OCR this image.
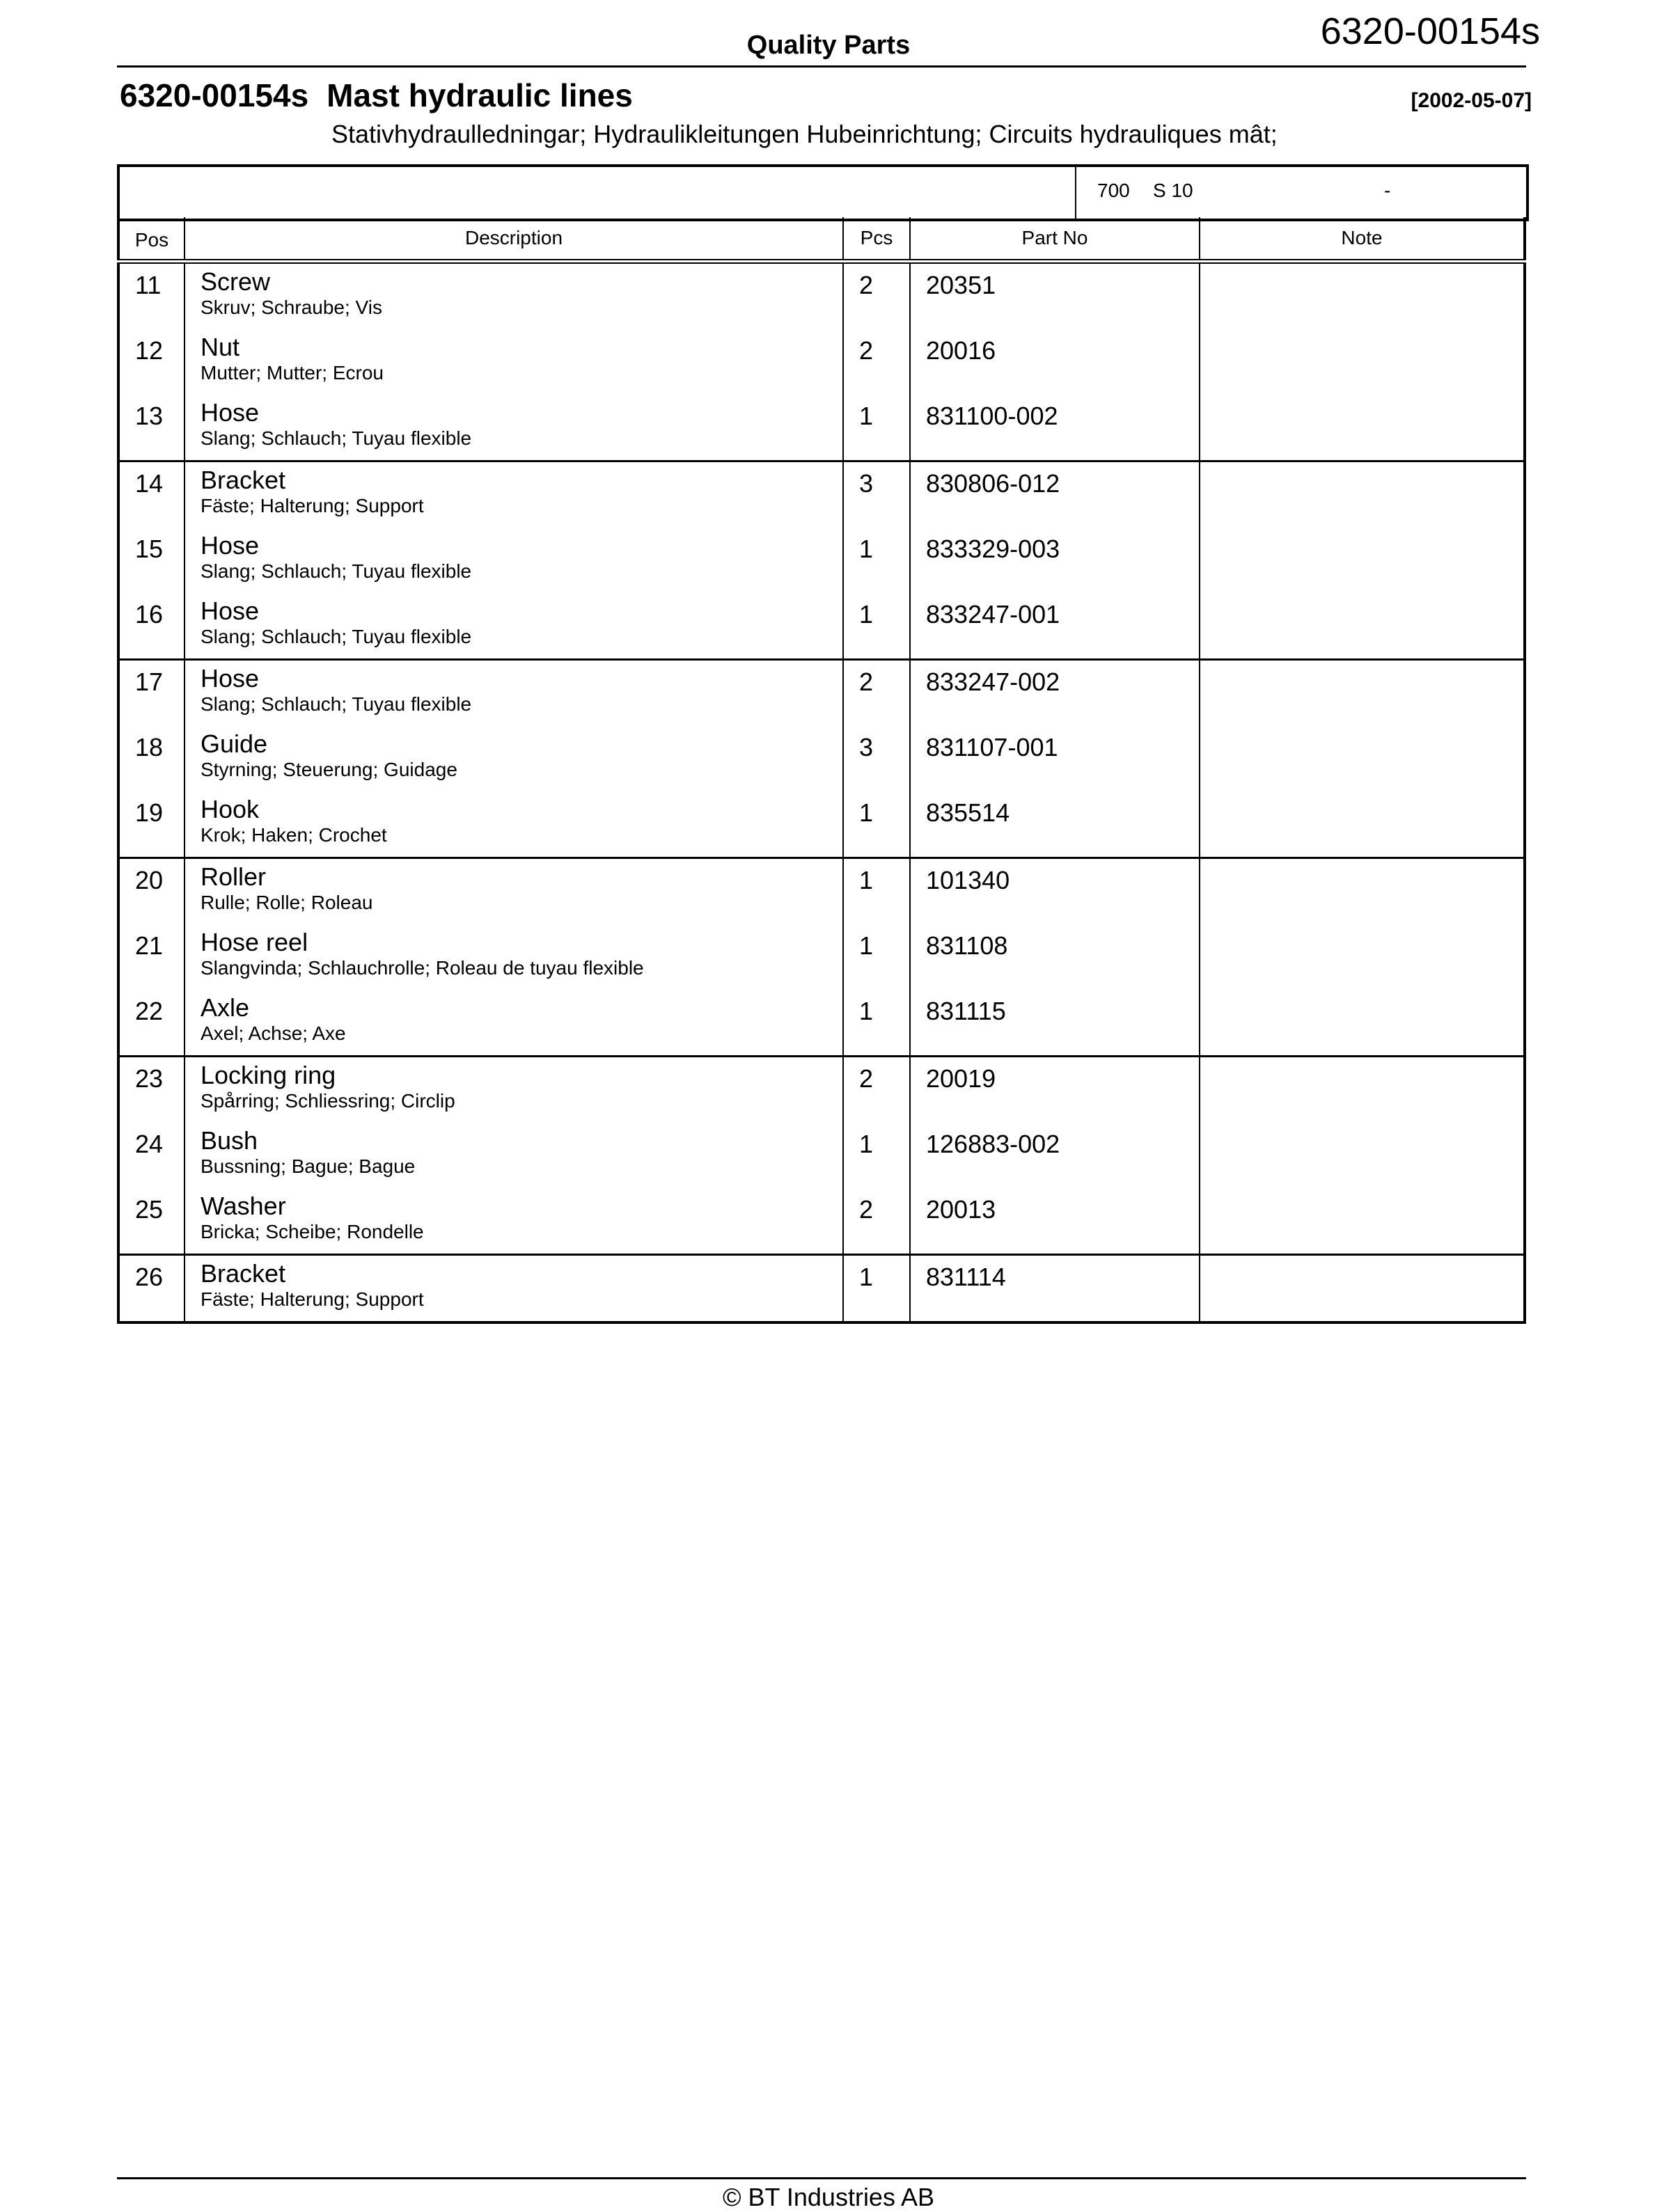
Quality Parts	6320-00154s
6320-00154s Mast hydraulic lines	[2002-05-07]
Stativhydraulledningar; Hydraulikleitungen Hubeinrichtung; Circuits hydrauliques mât;
700 S 10	-
Pos	Description	Pcs	Part No	Note

11	Screw
Skruv; Schraube; Vis	2	20351	

12	Nut
Mutter; Mutter; Ecrou	2	20016	

13	Hose
Slang; Schlauch; Tuyau flexible	1	831100-002	

14	Bracket
Fäste; Halterung; Support	3	830806-012	

15	Hose
Slang; Schlauch; Tuyau flexible	1	833329-003	

16	Hose
Slang; Schlauch; Tuyau flexible	1	833247-001	

17	Hose
Slang; Schlauch; Tuyau flexible	2	833247-002	

18	Guide
Styrning; Steuerung; Guidage	3	831107-001	

19	Hook
Krok; Haken; Crochet	1	835514	

20	Roller
Rulle; Rolle; Roleau	1	101340	

21	Hose reel
Slangvinda; Schlauchrolle; Roleau de tuyau flexible	1	831108	

22	Axle
Axel; Achse; Axe	1	831115	

23	Locking ring
Spårring; Schliessring; Circlip	2	20019	

24	Bush
Bussning; Bague; Bague	1	126883-002	

25	Washer
Bricka; Scheibe; Rondelle	2	20013	

26	Bracket
Fäste; Halterung; Support	1	831114	

© BT Industries AB
